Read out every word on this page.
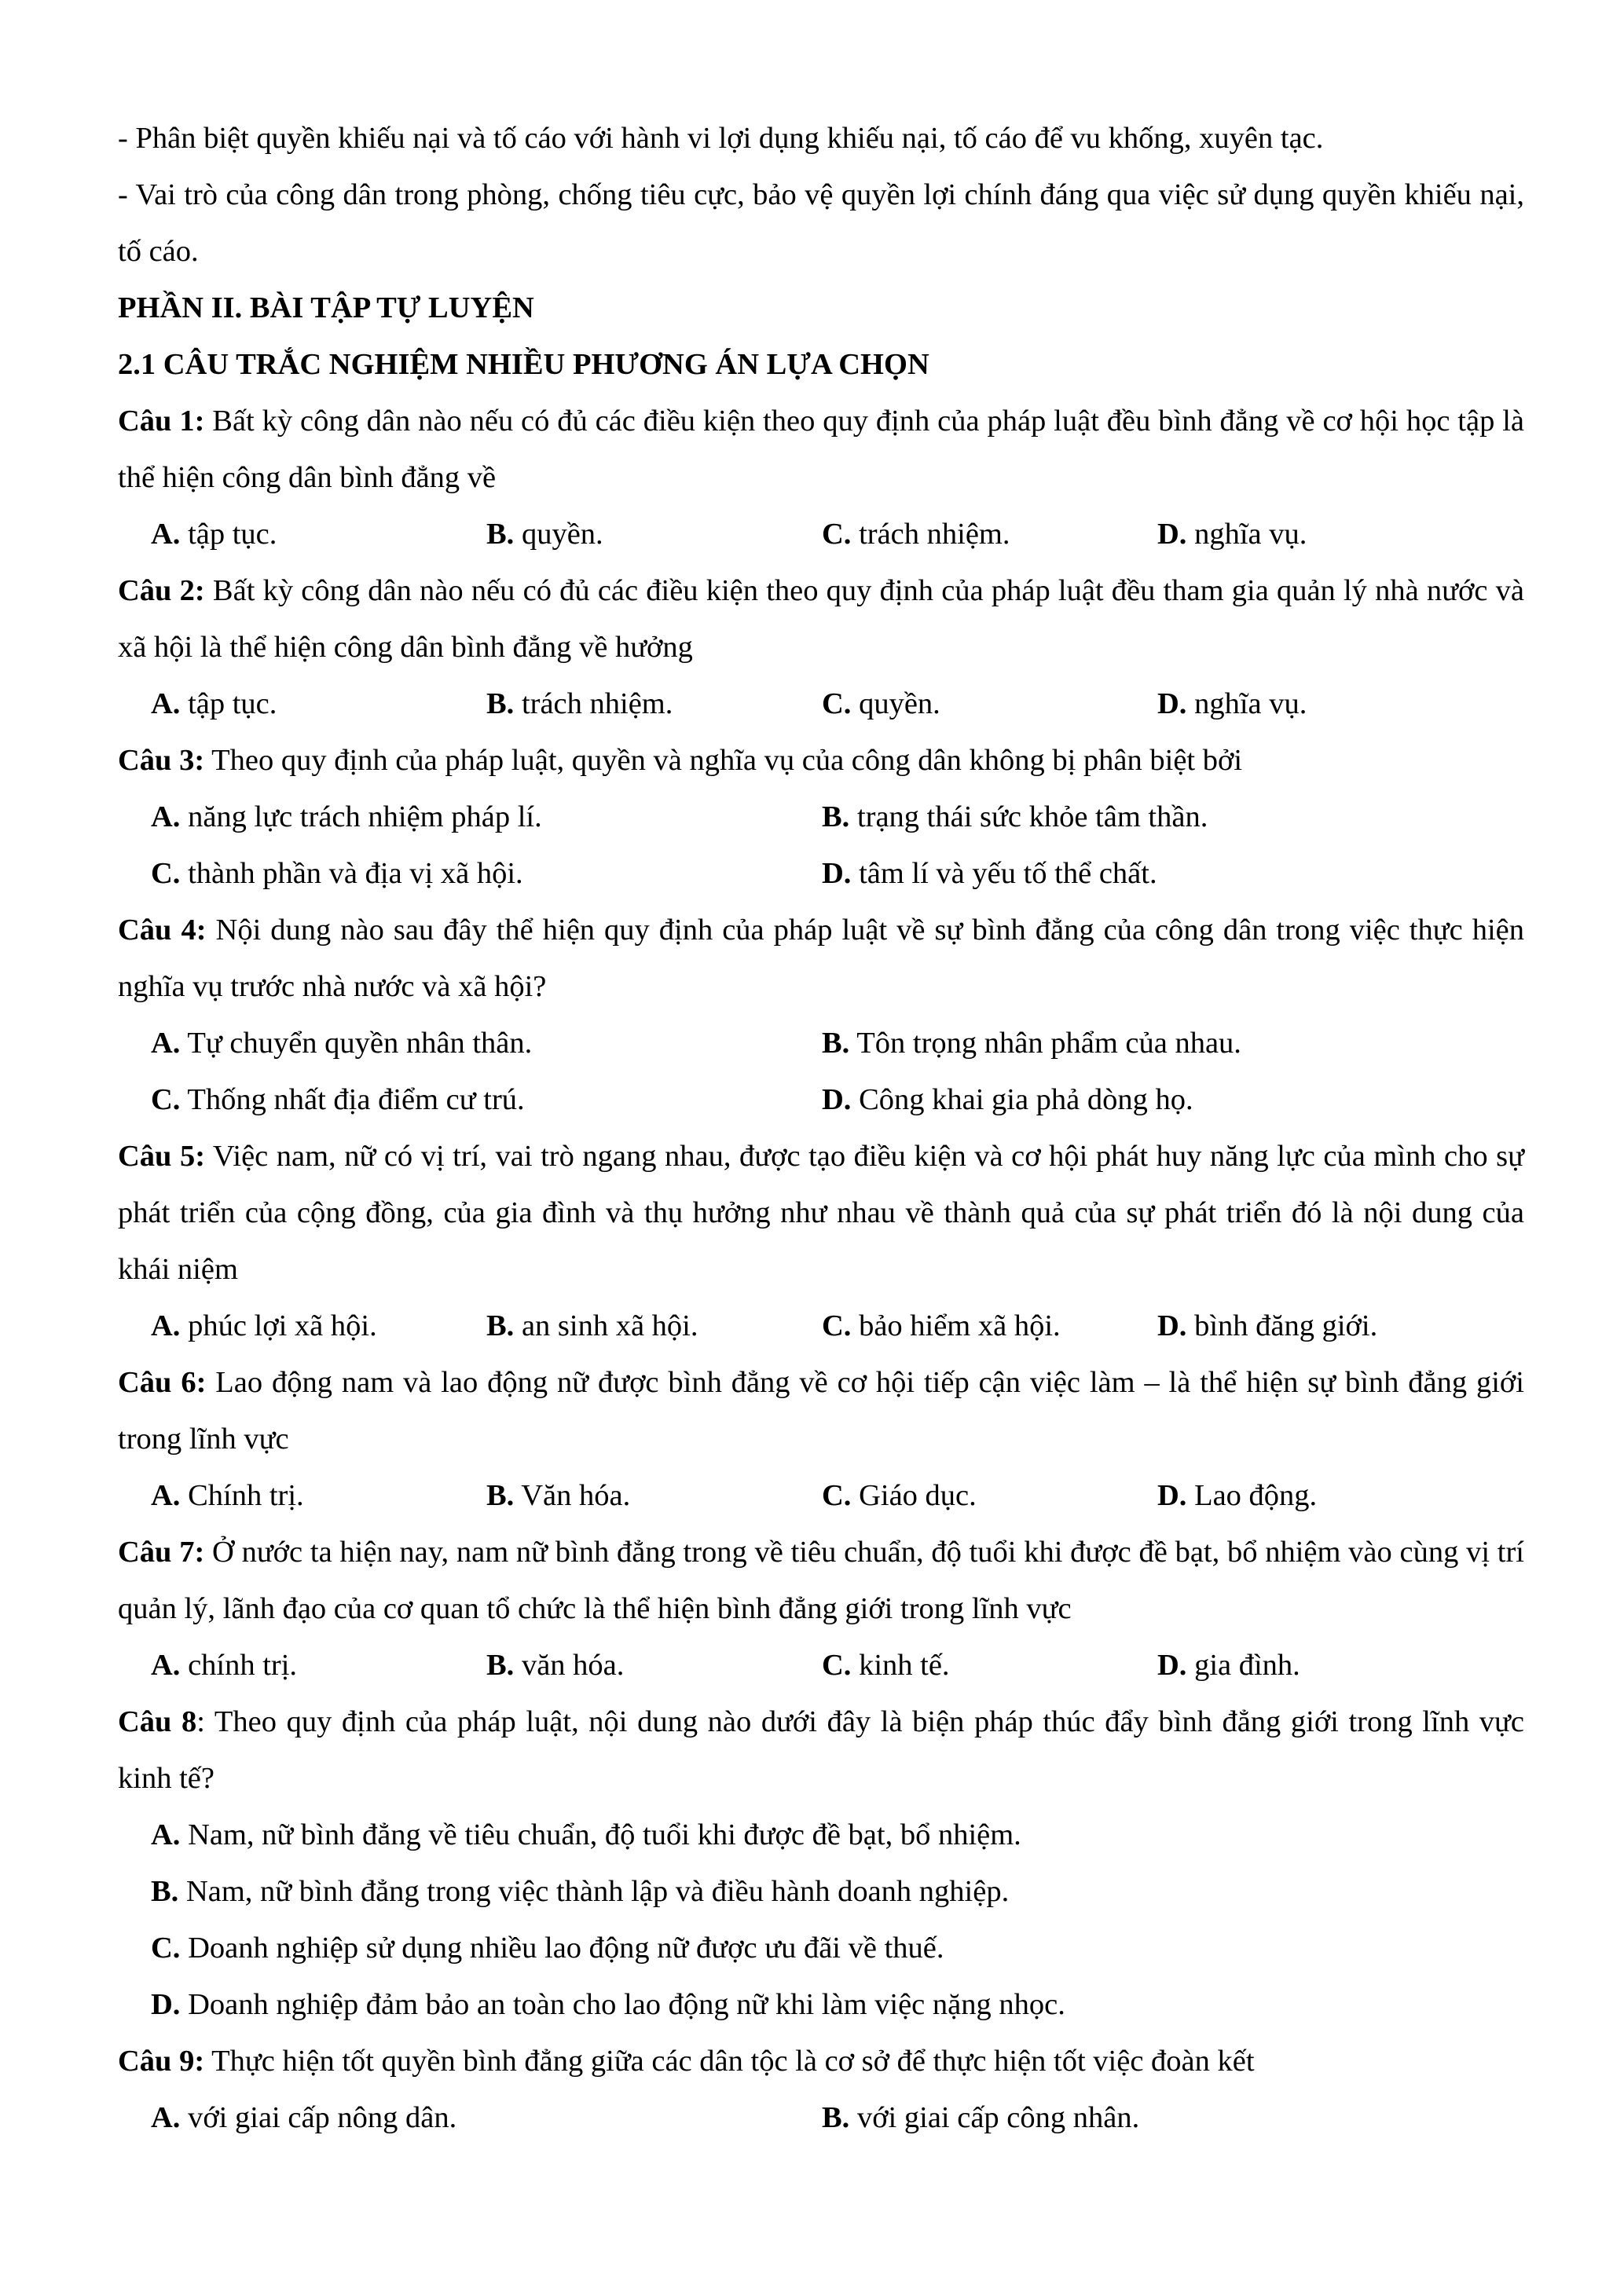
- Phân biệt quyền khiếu nại và tố cáo với hành vi lợi dụng khiếu nại, tố cáo để vu khống, xuyên tạc.

- Vai trò của công dân trong phòng, chống tiêu cực, bảo vệ quyền lợi chính đáng qua việc sử dụng quyền khiếu nại, tố cáo.

PHẦN II. BÀI TẬP TỰ LUYỆN

2.1 CÂU TRẮC NGHIỆM NHIỀU PHƯƠNG ÁN LỰA CHỌN

Câu 1: Bất kỳ công dân nào nếu có đủ các điều kiện theo quy định của pháp luật đều bình đẳng về cơ hội học tập là thể hiện công dân bình đẳng về

A. tập tục.	B. quyền.	C. trách nhiệm.	D. nghĩa vụ.

Câu 2: Bất kỳ công dân nào nếu có đủ các điều kiện theo quy định của pháp luật đều tham gia quản lý nhà nước và xã hội là thể hiện công dân bình đẳng về hưởng

A. tập tục.	B. trách nhiệm.	C. quyền.	D. nghĩa vụ.

Câu 3: Theo quy định của pháp luật, quyền và nghĩa vụ của công dân không bị phân biệt bởi

A. năng lực trách nhiệm pháp lí.	B. trạng thái sức khỏe tâm thần.
C. thành phần và địa vị xã hội.	D. tâm lí và yếu tố thể chất.

Câu 4: Nội dung nào sau đây thể hiện quy định của pháp luật về sự bình đẳng của công dân trong việc thực hiện nghĩa vụ trước nhà nước và xã hội?

A. Tự chuyển quyền nhân thân.	B. Tôn trọng nhân phẩm của nhau.
C. Thống nhất địa điểm cư trú.	D. Công khai gia phả dòng họ.

Câu 5: Việc nam, nữ có vị trí, vai trò ngang nhau, được tạo điều kiện và cơ hội phát huy năng lực của mình cho sự phát triển của cộng đồng, của gia đình và thụ hưởng như nhau về thành quả của sự phát triển đó là nội dung của khái niệm

A. phúc lợi xã hội.	B. an sinh xã hội.	C. bảo hiểm xã hội.	D. bình đăng giới.

Câu 6: Lao động nam và lao động nữ được bình đẳng về cơ hội tiếp cận việc làm – là thể hiện sự bình đẳng giới trong lĩnh vực

A. Chính trị.	B. Văn hóa.	C. Giáo dục.	D. Lao động.

Câu 7: Ở nước ta hiện nay, nam nữ bình đẳng trong về tiêu chuẩn, độ tuổi khi được đề bạt, bổ nhiệm vào cùng vị trí quản lý, lãnh đạo của cơ quan tổ chức là thể hiện bình đẳng giới trong lĩnh vực

A. chính trị.	B. văn hóa.	C. kinh tế.	D. gia đình.

Câu 8: Theo quy định của pháp luật, nội dung nào dưới đây là biện pháp thúc đẩy bình đẳng giới trong lĩnh vực kinh tế?

A. Nam, nữ bình đẳng về tiêu chuẩn, độ tuổi khi được đề bạt, bổ nhiệm.
B. Nam, nữ bình đẳng trong việc thành lập và điều hành doanh nghiệp.
C. Doanh nghiệp sử dụng nhiều lao động nữ được ưu đãi về thuế.
D. Doanh nghiệp đảm bảo an toàn cho lao động nữ khi làm việc nặng nhọc.

Câu 9: Thực hiện tốt quyền bình đẳng giữa các dân tộc là cơ sở để thực hiện tốt việc đoàn kết

A. với giai cấp nông dân.	B. với giai cấp công nhân.
